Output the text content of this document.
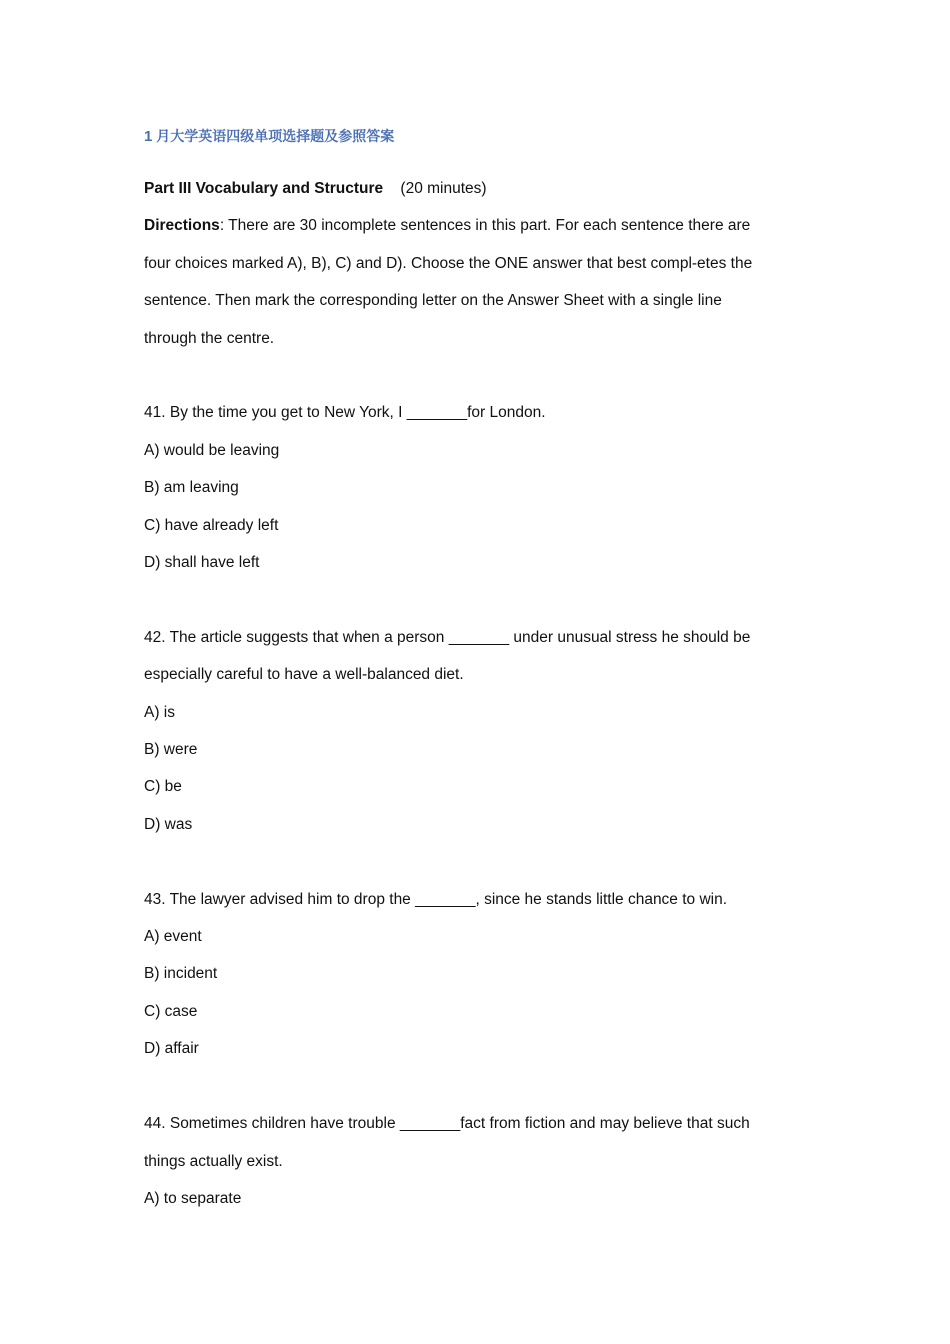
1 月大学英语四级单项选择题及参照答案

Part III Vocabulary and Structure (20 minutes)

Directions: There are 30 incomplete sentences in this part. For each sentence there are

four choices marked A), B), C) and D). Choose the ONE answer that best compl-etes the

sentence. Then mark the corresponding letter on the Answer Sheet with a single line

through the centre.

41. By the time you get to New York, I _______for London.

A) would be leaving

B) am leaving

C) have already left

D) shall have left

42. The article suggests that when a person _______ under unusual stress he should be

especially careful to have a well-balanced diet.

A) is

B) were

C) be

D) was

43. The lawyer advised him to drop the _______, since he stands little chance to win.

A) event

B) incident

C) case

D) affair

44. Sometimes children have trouble _______fact from fiction and may believe that such

things actually exist.

A) to separate
